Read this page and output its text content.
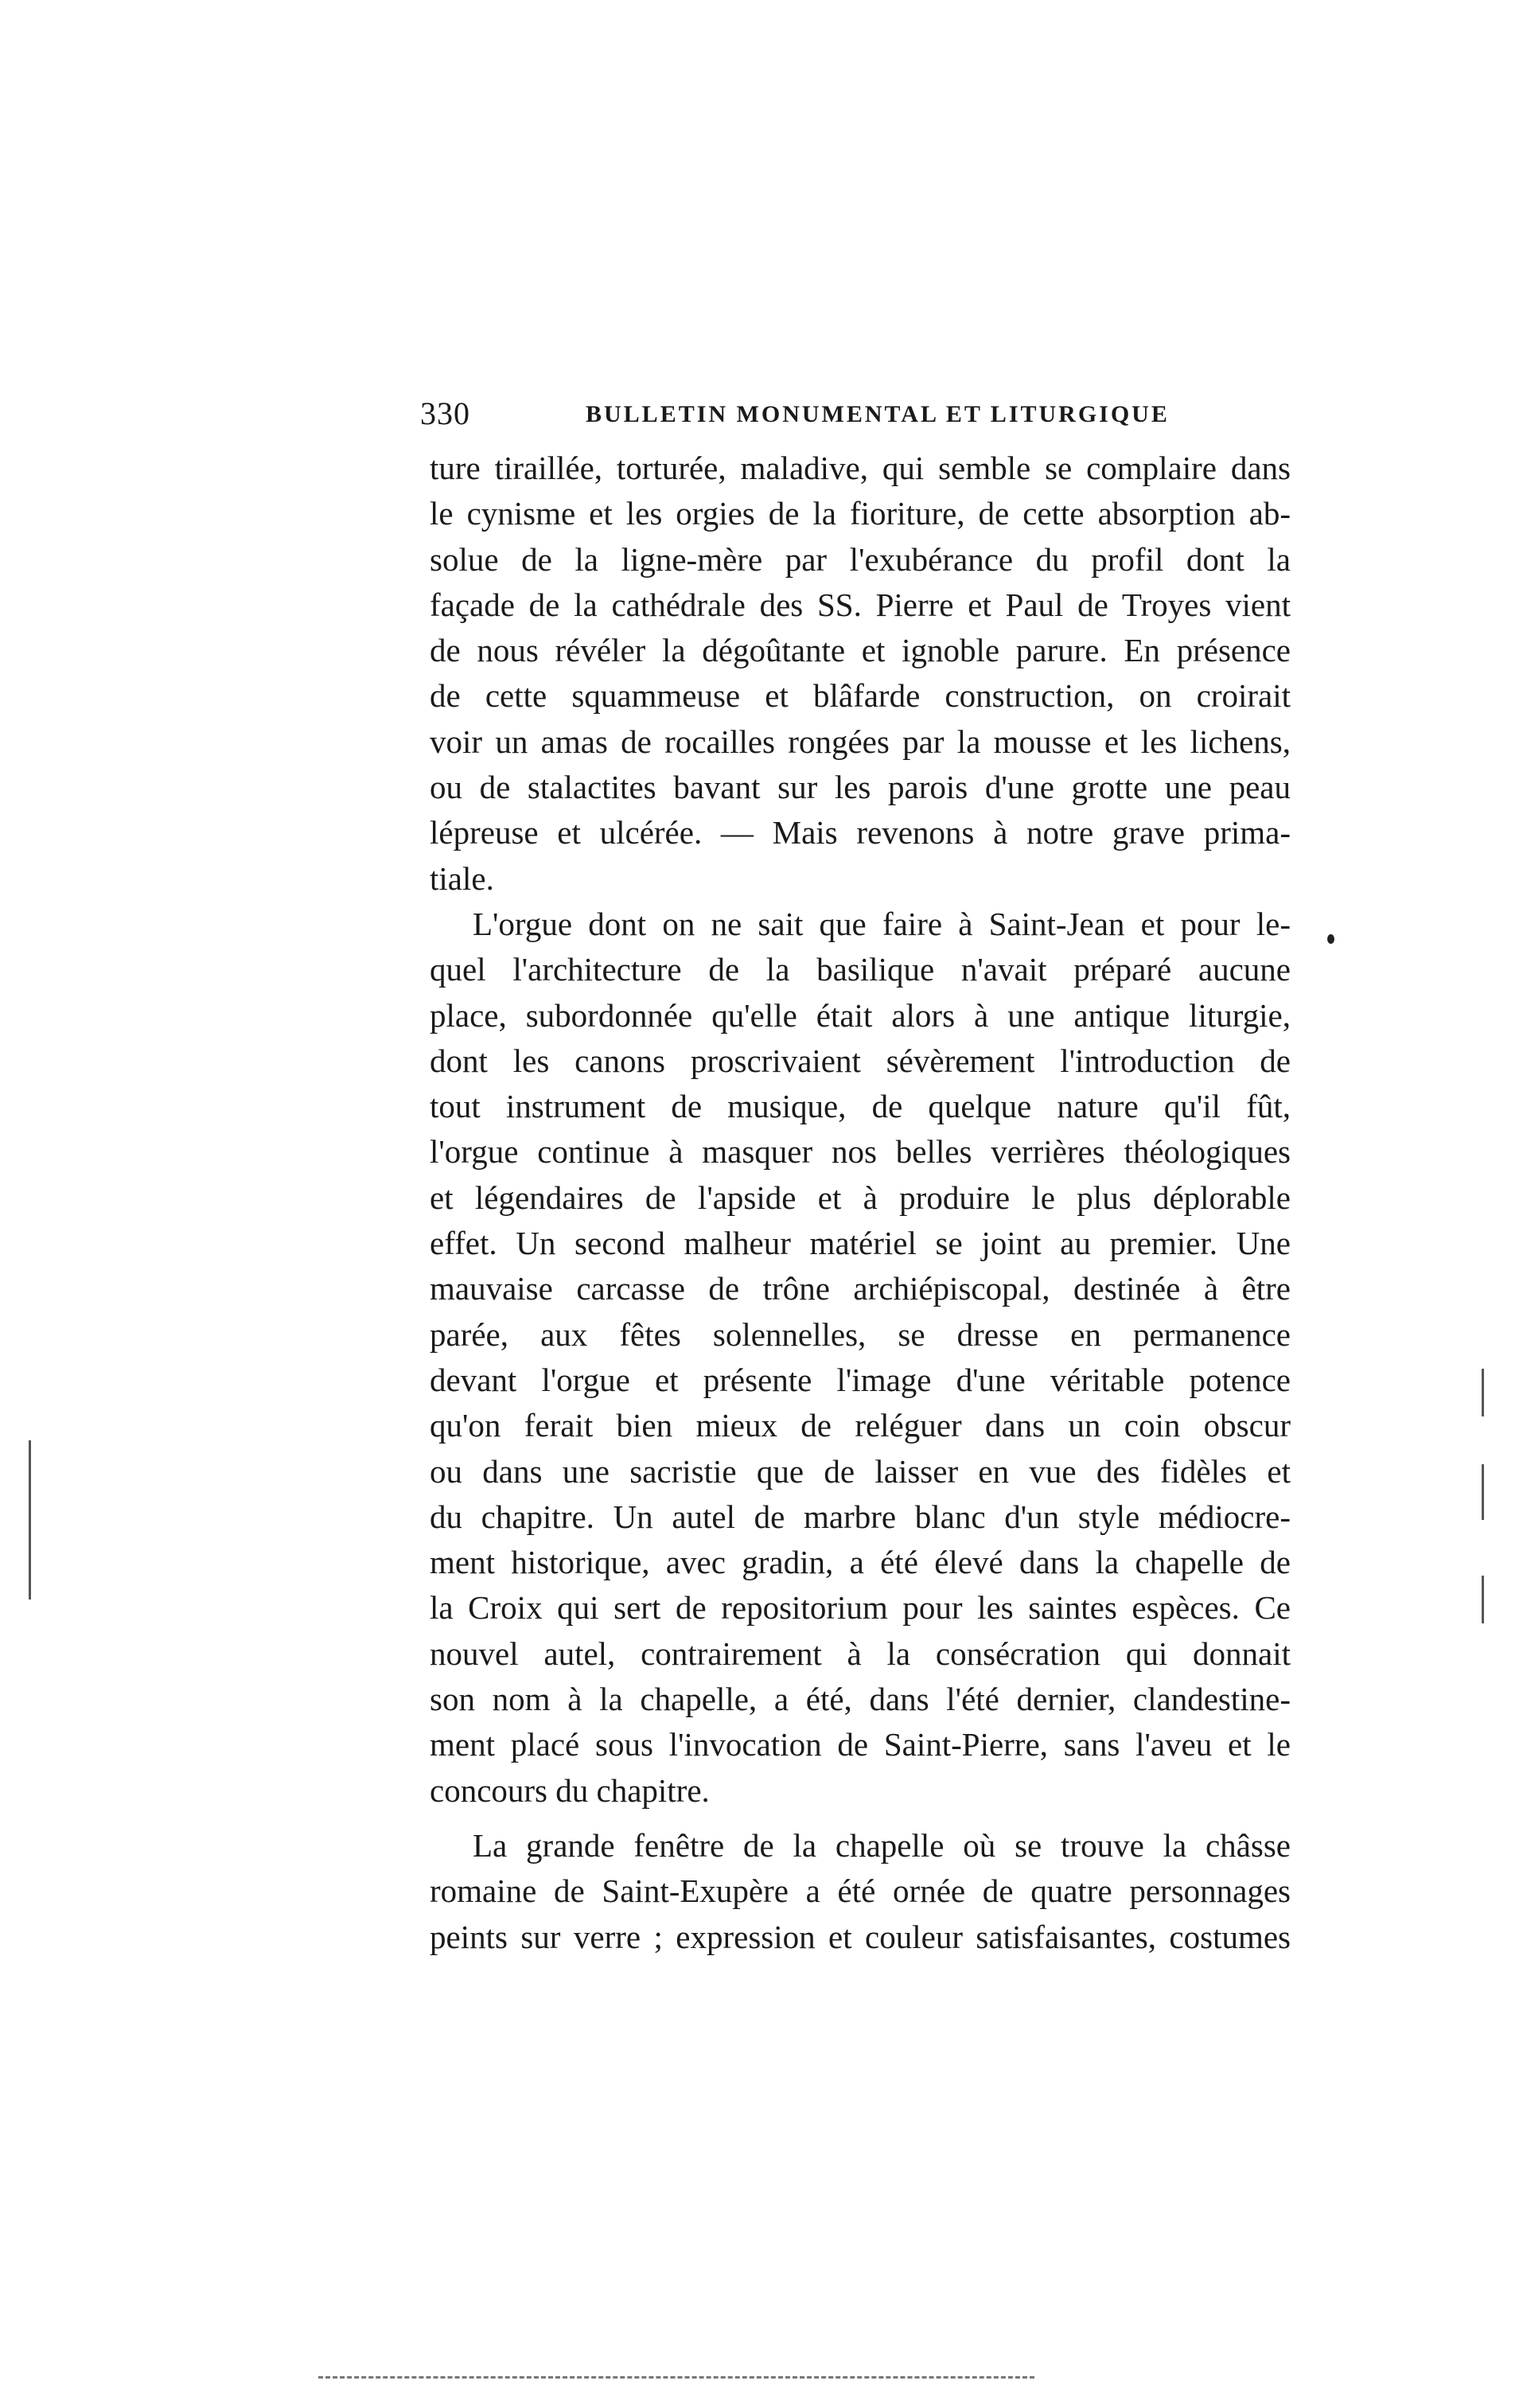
330	BULLETIN MONUMENTAL ET LITURGIQUE
ture tiraillée, torturée, maladive, qui semble se complaire dans
le cynisme et les orgies de la fioriture, de cette absorption ab-
solue de la ligne-mère par l'exubérance du profil dont la
façade de la cathédrale des SS. Pierre et Paul de Troyes vient
de nous révéler la dégoûtante et ignoble parure. En présence
de cette squammeuse et blâfarde construction, on croirait
voir un amas de rocailles rongées par la mousse et les lichens,
ou de stalactites bavant sur les parois d'une grotte une peau
lépreuse et ulcérée. — Mais revenons à notre grave prima-
tiale.
L'orgue dont on ne sait que faire à Saint-Jean et pour le-
quel l'architecture de la basilique n'avait préparé aucune
place, subordonnée qu'elle était alors à une antique liturgie,
dont les canons proscrivaient sévèrement l'introduction de
tout instrument de musique, de quelque nature qu'il fût,
l'orgue continue à masquer nos belles verrières théologiques
et légendaires de l'apside et à produire le plus déplorable
effet. Un second malheur matériel se joint au premier. Une
mauvaise carcasse de trône archiépiscopal, destinée à être
parée, aux fêtes solennelles, se dresse en permanence
devant l'orgue et présente l'image d'une véritable potence
qu'on ferait bien mieux de reléguer dans un coin obscur
ou dans une sacristie que de laisser en vue des fidèles et
du chapitre. Un autel de marbre blanc d'un style médiocre-
ment historique, avec gradin, a été élevé dans la chapelle de
la Croix qui sert de repositorium pour les saintes espèces. Ce
nouvel autel, contrairement à la consécration qui donnait
son nom à la chapelle, a été, dans l'été dernier, clandestine-
ment placé sous l'invocation de Saint-Pierre, sans l'aveu et le
concours du chapitre.
La grande fenêtre de la chapelle où se trouve la châsse
romaine de Saint-Exupère a été ornée de quatre personnages
peints sur verre ; expression et couleur satisfaisantes, costumes
